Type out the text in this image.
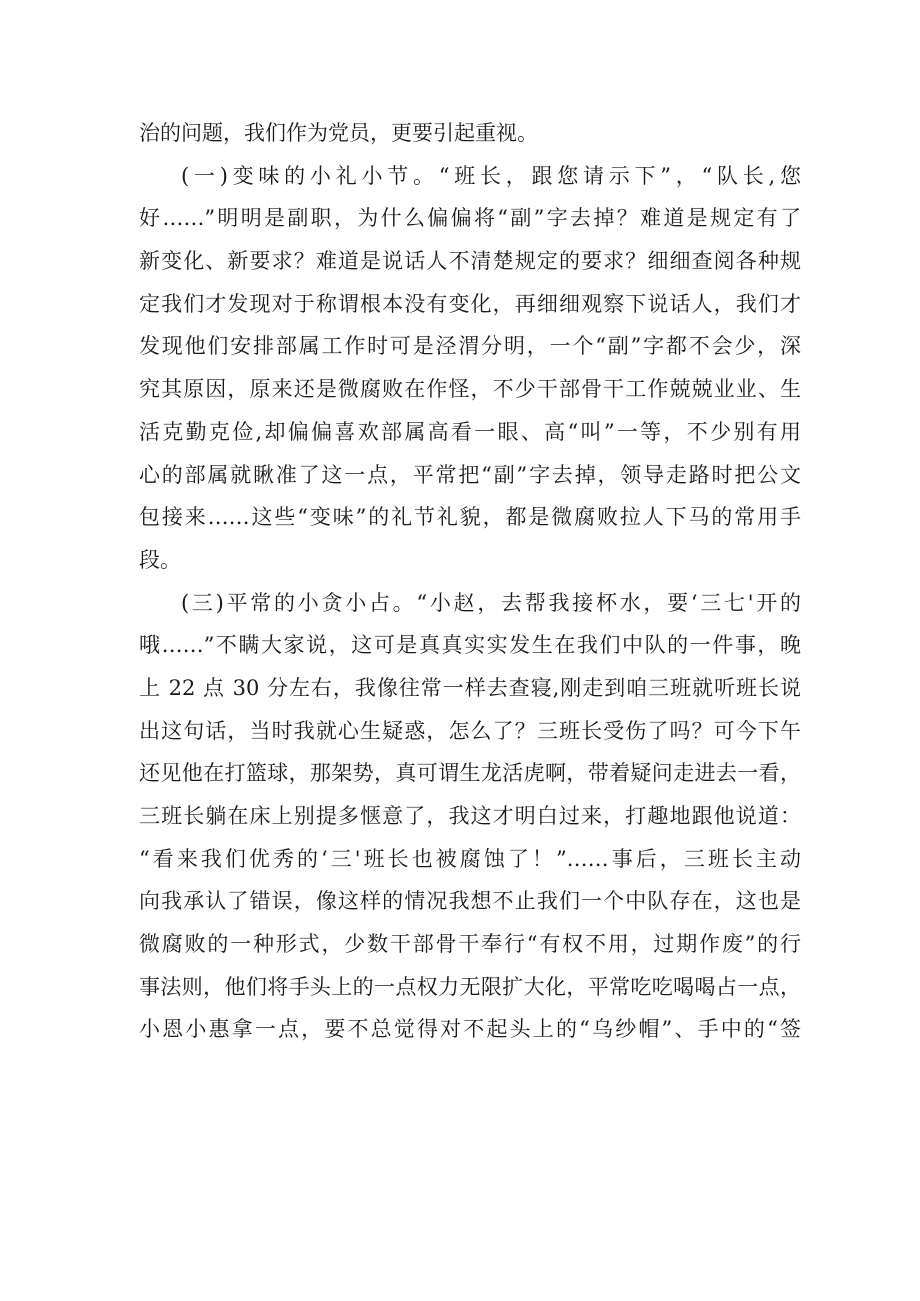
治的问题，我们作为党员，更要引起重视。
(一)变味的小礼小节。“班长，跟您请示下”，“队长,您
好……”明明是副职，为什么偏偏将“副”字去掉？难道是规定有了
新变化、新要求？难道是说话人不清楚规定的要求？细细查阅各种规
定我们才发现对于称谓根本没有变化，再细细观察下说话人，我们才
发现他们安排部属工作时可是泾渭分明，一个“副”字都不会少，深
究其原因，原来还是微腐败在作怪，不少干部骨干工作兢兢业业、生
活克勤克俭,却偏偏喜欢部属高看一眼、高“叫”一等，不少别有用
心的部属就瞅准了这一点，平常把“副”字去掉，领导走路时把公文
包接来……这些“变味”的礼节礼貌，都是微腐败拉人下马的常用手
段。
(三)平常的小贪小占。“小赵，去帮我接杯水，要‘三七'开的
哦……”不瞒大家说，这可是真真实实发生在我们中队的一件事，晚
上 22 点 30 分左右，我像往常一样去查寝,刚走到咱三班就听班长说
出这句话，当时我就心生疑惑，怎么了？三班长受伤了吗？可今下午
还见他在打篮球，那架势，真可谓生龙活虎啊，带着疑问走进去一看，
三班长躺在床上别提多惬意了，我这才明白过来，打趣地跟他说道：
“看来我们优秀的‘三'班长也被腐蚀了！”……事后，三班长主动
向我承认了错误，像这样的情况我想不止我们一个中队存在，这也是
微腐败的一种形式，少数干部骨干奉行“有权不用，过期作废”的行
事法则，他们将手头上的一点权力无限扩大化，平常吃吃喝喝占一点，
小恩小惠拿一点，要不总觉得对不起头上的“乌纱帽”、手中的“签
